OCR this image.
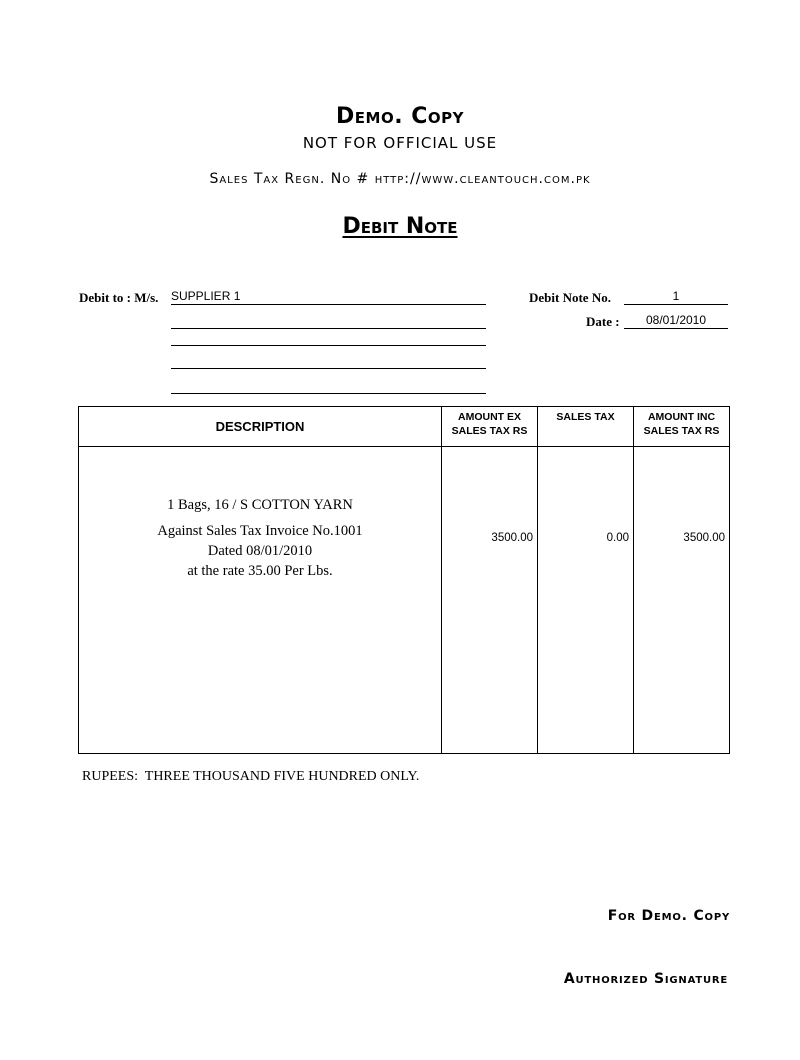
Demo. Copy
NOT FOR OFFICIAL USE
Sales Tax Regn. No # http://www.cleantouch.com.pk
Debit Note
Debit to : M/s. SUPPLIER 1	Debit Note No.	1
Date :	08/01/2010
DESCRIPTION	AMOUNT EX SALES TAX RS	SALES TAX	AMOUNT INC SALES TAX RS

1 Bags, 16 / S COTTON YARN
Against Sales Tax Invoice No.1001
Dated 08/01/2010
at the rate 35.00 Per Lbs.	3500.00	0.00	3500.00
RUPEES:  THREE THOUSAND FIVE HUNDRED ONLY.
For Demo. Copy
Authorized Signature
